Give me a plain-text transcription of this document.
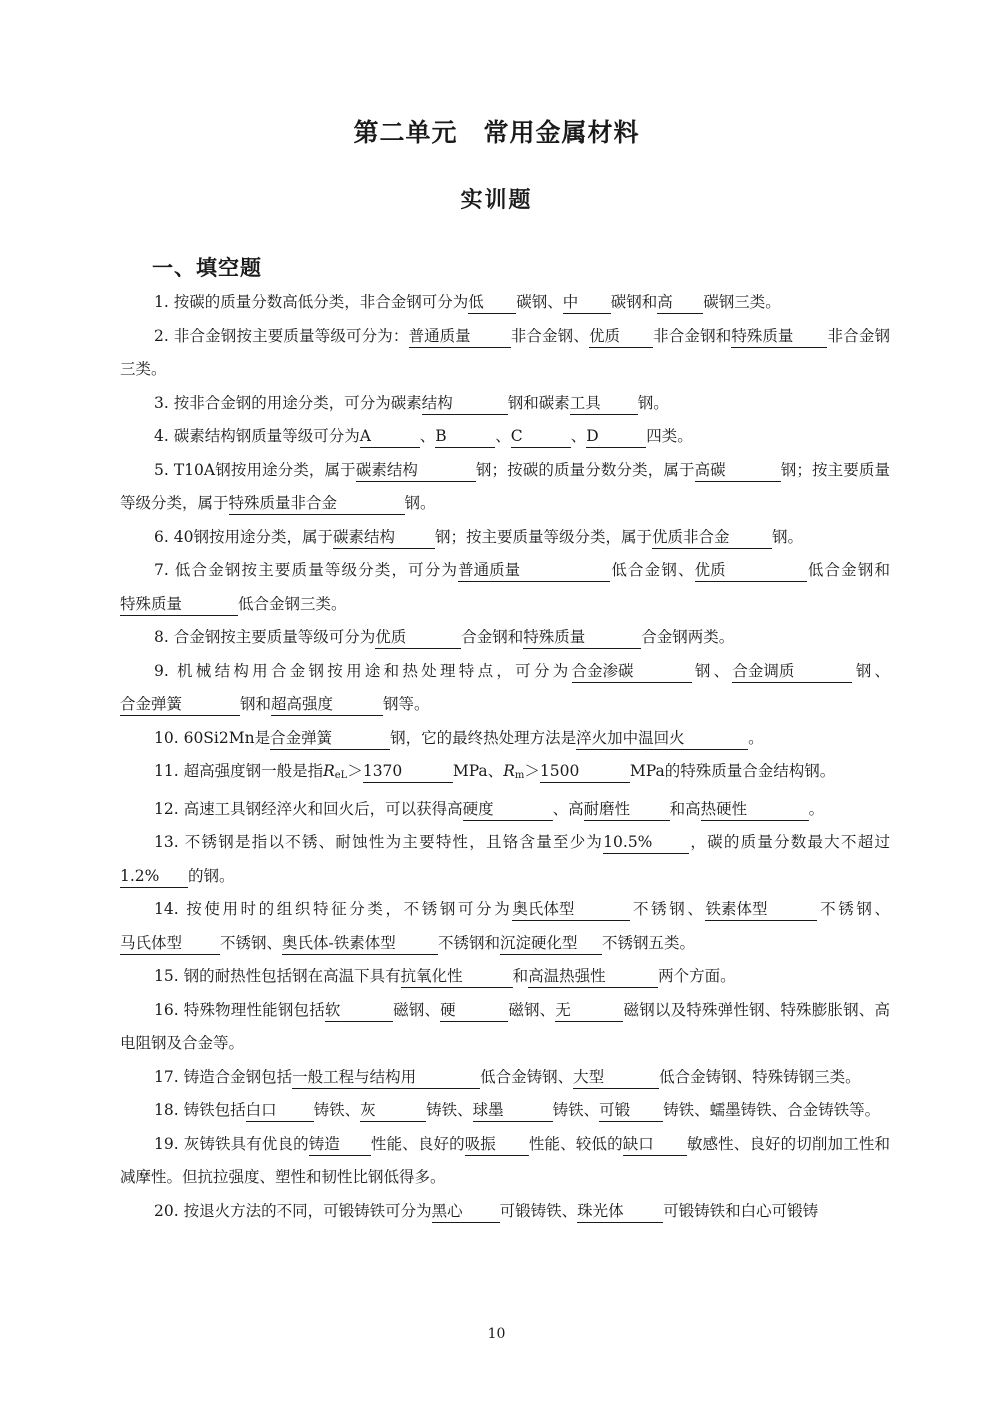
第二单元　常用金属材料
实训题
一、填空题

1. 按碳的质量分数高低分类，非合金钢可分为低 碳钢、中 碳钢和高 碳钢三类。

2. 非合金钢按主要质量等级可分为：普通质量	非合金钢、优质 非合金钢和特殊质量 非合金钢三类。

3. 按非合金钢的用途分类，可分为碳素结构	钢和碳素工具 钢。

4. 碳素结构钢质量等级可分为A	、B	、C	、D	四类。

5. T10A钢按用途分类，属于碳素结构	钢；按碳的质量分数分类，属于高碳	钢；按主要质量等级分类，属于特殊质量非合金	钢。

6. 40钢按用途分类，属于碳素结构	钢；按主要质量等级分类，属于优质非合金	钢。

7. 低合金钢按主要质量等级分类，可分为普通质量	低合金钢、优质	低合金钢和特殊质量	低合金钢三类。

8. 合金钢按主要质量等级可分为优质	合金钢和特殊质量	合金钢两类。

9. 机械结构用合金钢按用途和热处理特点，可分为合金渗碳	钢、合金调质	钢、合金弹簧	钢和超高强度	钢等。

10. 60Si2Mn是合金弹簧	钢，它的最终热处理方法是淬火加中温回火	。

11. 超高强度钢一般是指$R_{eL}>1370$	MPa、$R_m>1500$	MPa的特殊质量合金结构钢。

12. 高速工具钢经淬火和回火后，可以获得高硬度	、高耐磨性	和高热硬性	。

13. 不锈钢是指以不锈、耐蚀性为主要特性，且铬含量至少为10.5% ，碳的质量分数最大不超过1.2% 的钢。

14. 按使用时的组织特征分类，不锈钢可分为奥氏体型	不锈钢、铁素体型	不锈钢、马氏体型 不锈钢、奥氏体-铁素体型	不锈钢和沉淀硬化型 不锈钢五类。

15. 钢的耐热性包括钢在高温下具有抗氧化性	和高温热强性	两个方面。

16. 特殊物理性能钢包括软	磁钢、硬	磁钢、无	磁钢以及特殊弹性钢、特殊膨胀钢、高电阻钢及合金等。

17. 铸造合金钢包括一般工程与结构用	低合金铸钢、大型	低合金铸钢、特殊铸钢三类。

18. 铸铁包括白口 铸铁、灰	铸铁、球墨	铸铁、可锻 铸铁、蠕墨铸铁、合金铸铁等。

19. 灰铸铁具有优良的铸造 性能、良好的吸振 性能、较低的缺口 敏感性、良好的切削加工性和减摩性。但抗拉强度、塑性和韧性比钢低得多。

20. 按退火方法的不同，可锻铸铁可分为黑心 可锻铸铁、珠光体	可锻铸铁和白心可锻铸

10
